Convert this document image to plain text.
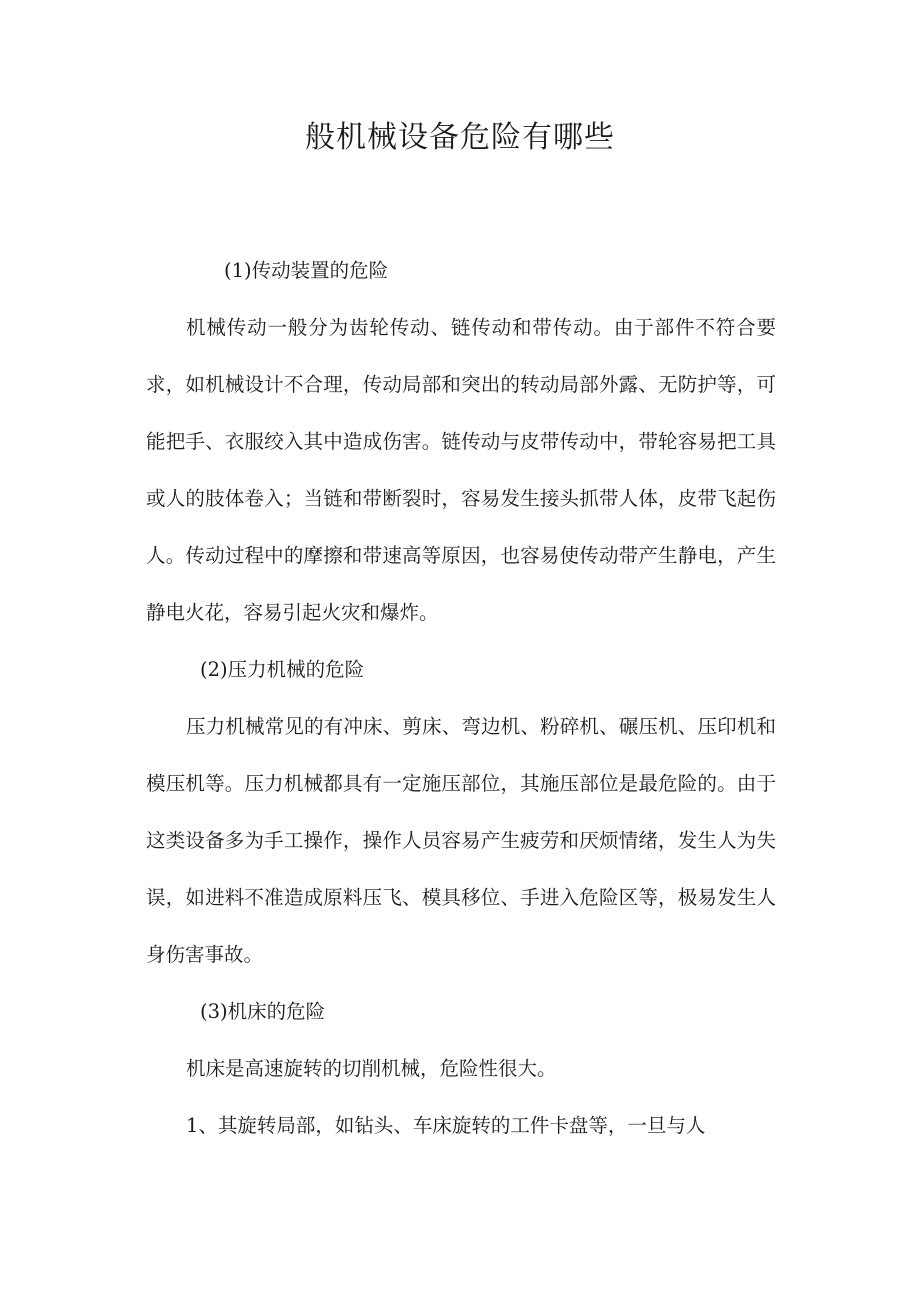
般机械设备危险有哪些

(1)传动装置的危险

机械传动一般分为齿轮传动、链传动和带传动。由于部件不符合要求，如机械设计不合理，传动局部和突出的转动局部外露、无防护等，可能把手、衣服绞入其中造成伤害。链传动与皮带传动中，带轮容易把工具或人的肢体卷入；当链和带断裂时，容易发生接头抓带人体，皮带飞起伤人。传动过程中的摩擦和带速高等原因，也容易使传动带产生静电，产生静电火花，容易引起火灾和爆炸。

(2)压力机械的危险

压力机械常见的有冲床、剪床、弯边机、粉碎机、碾压机、压印机和模压机等。压力机械都具有一定施压部位，其施压部位是最危险的。由于这类设备多为手工操作，操作人员容易产生疲劳和厌烦情绪，发生人为失误，如进料不准造成原料压飞、模具移位、手进入危险区等，极易发生人身伤害事故。

(3)机床的危险

机床是高速旋转的切削机械，危险性很大。

1、其旋转局部，如钻头、车床旋转的工件卡盘等，一旦与人
